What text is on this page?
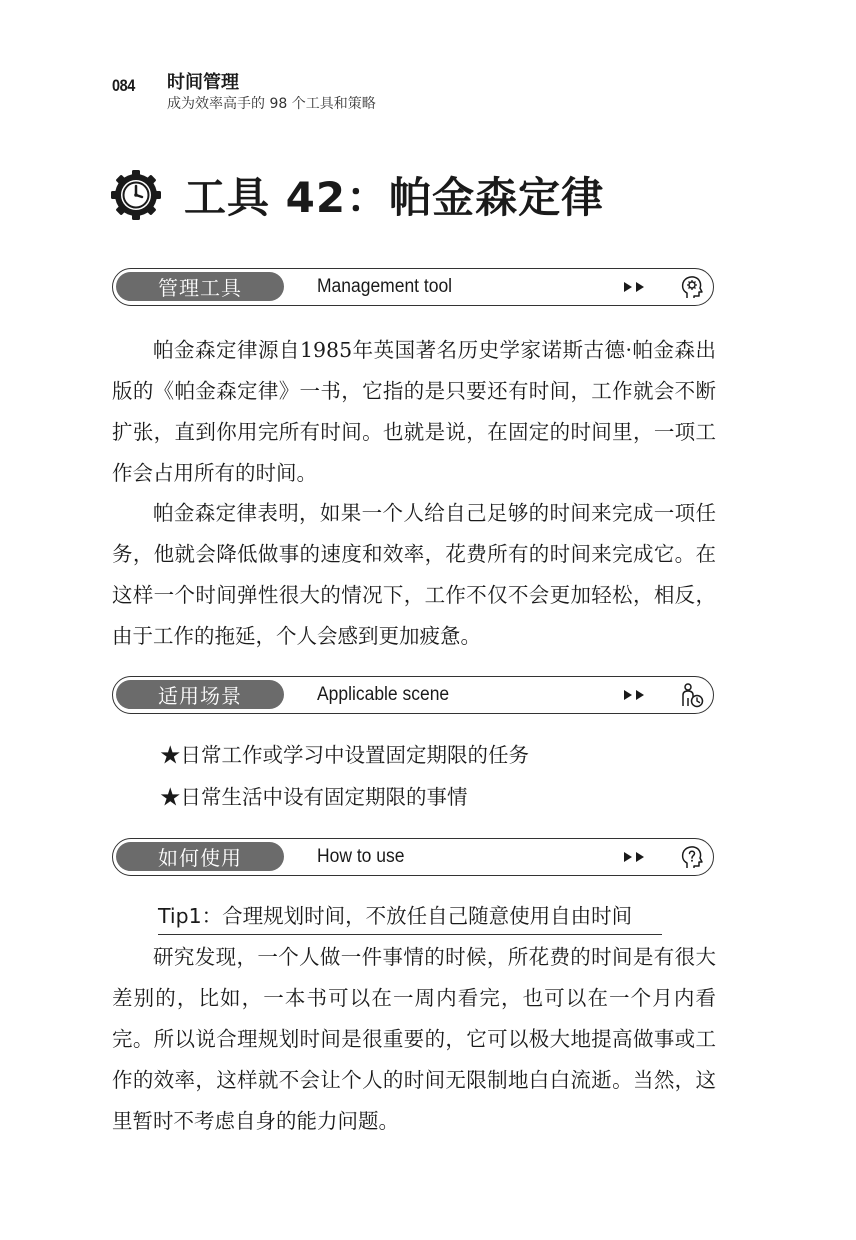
084 时间管理
成为效率高手的 98 个工具和策略
工具 42：帕金森定律
管理工具	Management tool

帕金森定律源自1985年英国著名历史学家诺斯古德·帕金森出版的《帕金森定律》一书，它指的是只要还有时间，工作就会不断扩张，直到你用完所有时间。也就是说，在固定的时间里，一项工作会占用所有的时间。

帕金森定律表明，如果一个人给自己足够的时间来完成一项任务，他就会降低做事的速度和效率，花费所有的时间来完成它。在这样一个时间弹性很大的情况下，工作不仅不会更加轻松，相反，由于工作的拖延，个人会感到更加疲惫。

适用场景	Applicable scene
★日常工作或学习中设置固定期限的任务
★日常生活中设有固定期限的事情
如何使用	How to use
Tip1：合理规划时间，不放任自己随意使用自由时间

研究发现，一个人做一件事情的时候，所花费的时间是有很大差别的，比如，一本书可以在一周内看完，也可以在一个月内看完。所以说合理规划时间是很重要的，它可以极大地提高做事或工作的效率，这样就不会让个人的时间无限制地白白流逝。当然，这里暂时不考虑自身的能力问题。
